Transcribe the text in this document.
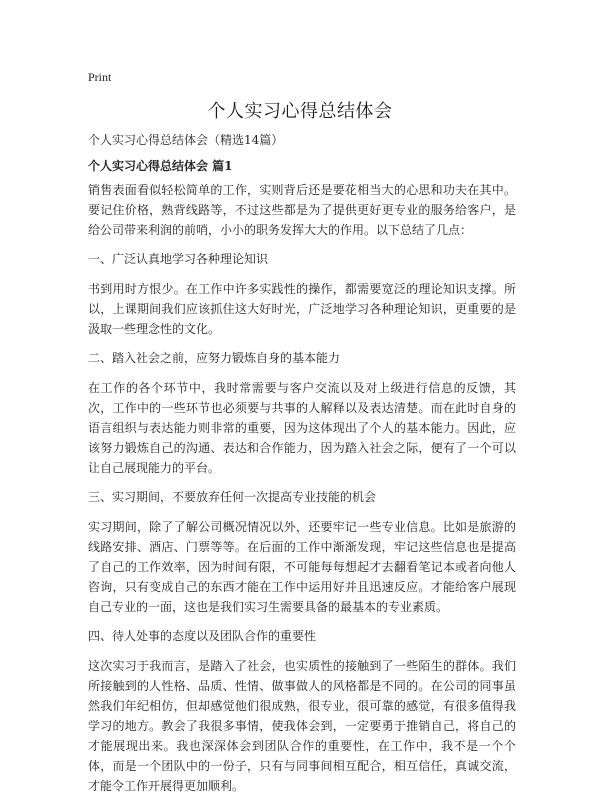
Print
个人实习心得总结体会

个人实习心得总结体会（精选14篇）

个人实习心得总结体会 篇1

销售表面看似轻松简单的工作，实则背后还是要花相当大的心思和功夫在其中。要记住价格，熟背线路等，不过这些都是为了提供更好更专业的服务给客户，是给公司带来利润的前哨，小小的职务发挥大大的作用。以下总结了几点：

一、广泛认真地学习各种理论知识

书到用时方恨少。在工作中许多实践性的操作，都需要宽泛的理论知识支撑。所以，上课期间我们应该抓住这大好时光，广泛地学习各种理论知识，更重要的是汲取一些理念性的文化。

二、踏入社会之前，应努力锻炼自身的基本能力

在工作的各个环节中，我时常需要与客户交流以及对上级进行信息的反馈，其次，工作中的一些环节也必须要与共事的人解释以及表达清楚。而在此时自身的语言组织与表达能力则非常的重要，因为这体现出了个人的基本能力。因此，应该努力锻炼自己的沟通、表达和合作能力，因为踏入社会之际，便有了一个可以让自己展现能力的平台。

三、实习期间，不要放弃任何一次提高专业技能的机会

实习期间，除了了解公司概况情况以外，还要牢记一些专业信息。比如是旅游的线路安排、酒店、门票等等。在后面的工作中渐渐发现，牢记这些信息也是提高了自己的工作效率，因为时间有限，不可能每每想起才去翻看笔记本或者向他人咨询，只有变成自己的东西才能在工作中运用好并且迅速反应。才能给客户展现自己专业的一面，这也是我们实习生需要具备的最基本的专业素质。

四、待人处事的态度以及团队合作的重要性

这次实习于我而言，是踏入了社会，也实质性的接触到了一些陌生的群体。我们所接触到的人性格、品质、性情、做事做人的风格都是不同的。在公司的同事虽然我们年纪相仿，但却感觉他们很成熟，很专业，很可靠的感觉，有很多值得我学习的地方。教会了我很多事情，使我体会到，一定要勇于推销自己，将自己的才能展现出来。我也深深体会到团队合作的重要性，在工作中，我不是一个个体，而是一个团队中的一份子，只有与同事间相互配合，相互信任，真诚交流，才能令工作开展得更加顺利。
